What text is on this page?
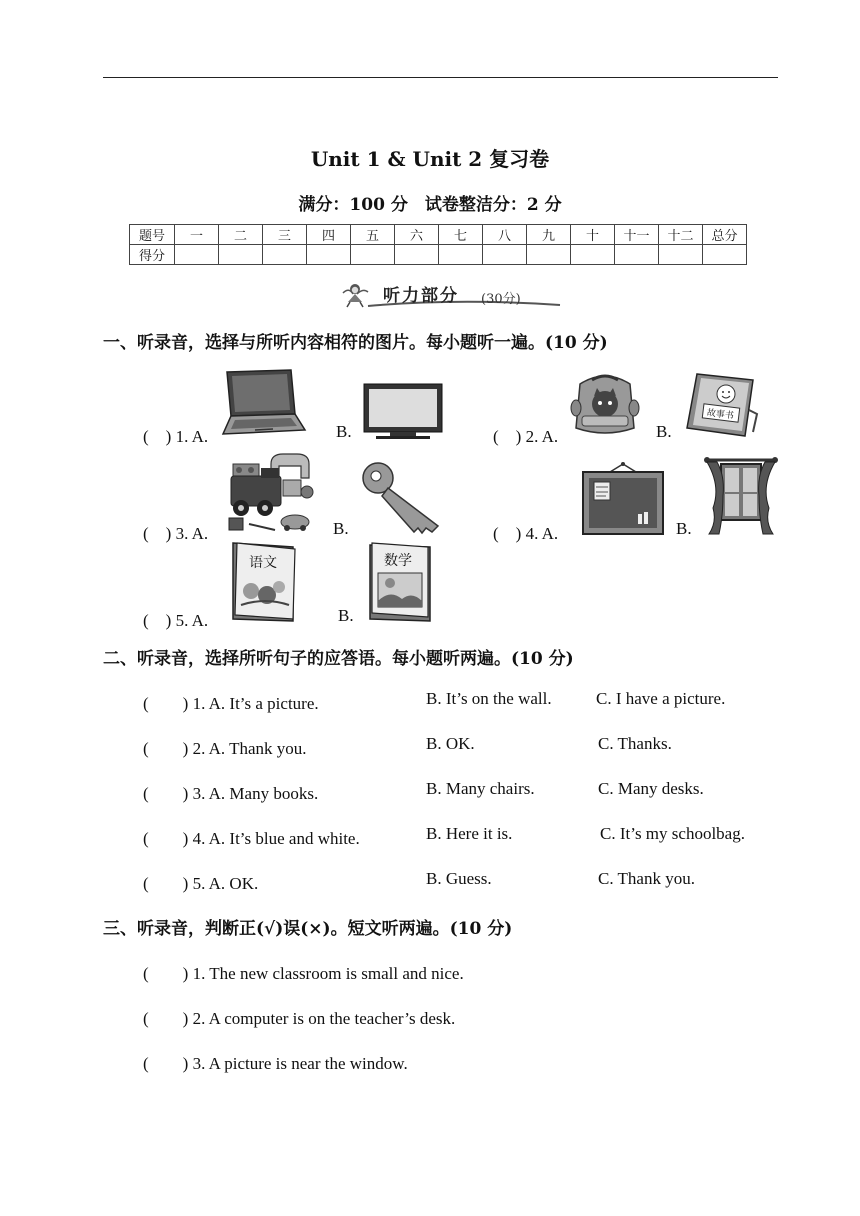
Unit 1 & Unit 2 复习卷
满分：100 分　试卷整洁分：2 分
题号	一	二	三	四	五	六	七	八	九	十	十一	十二	总分
得分													
听力部分 (30分)
一、听录音，选择与所听内容相符的图片。每小题听一遍。(10 分)
(　) 1. A.	B.	(　) 2. A.	B.
故事书
(　) 3. A.	B.	(　) 4. A.	B.
(　) 5. A.
语文
B.
数学
二、听录音，选择所听句子的应答语。每小题听两遍。(10 分)
(　　) 1. A. It’s a picture.	B. It’s on the wall.	C. I have a picture.
(　　) 2. A. Thank you.	B. OK.	C. Thanks.
(　　) 3. A. Many books.	B. Many chairs.	C. Many desks.
(　　) 4. A. It’s blue and white.	B. Here it is.	C. It’s my schoolbag.
(　　) 5. A. OK.	B. Guess.	C. Thank you.
三、听录音，判断正(√)误(×)。短文听两遍。(10 分)
(　　) 1. The new classroom is small and nice.
(　　) 2. A computer is on the teacher’s desk.
(　　) 3. A picture is near the window.
